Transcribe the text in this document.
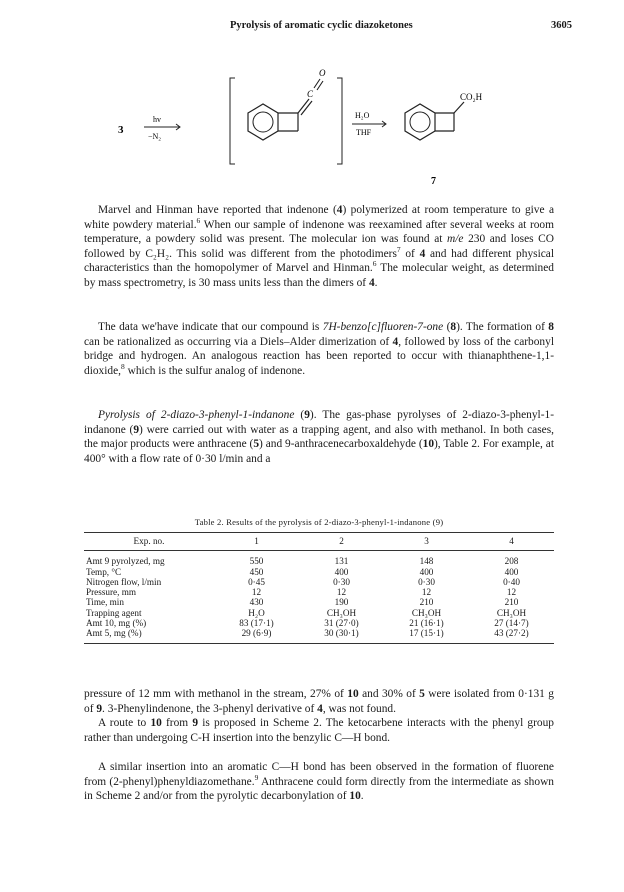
Pyrolysis of aromatic cyclic diazoketones	3605
3
hv
−N₂
C
O
H₂O
THF
CO₂H
7

Marvel and Hinman have reported that indenone (4) polymerized at room temperature to give a white powdery material.$^6$ When our sample of indenone was reexamined after several weeks at room temperature, a powdery solid was present. The molecular ion was found at m/e 230 and loses CO followed by C₂H₂. This solid was different from the photodimers$^7$ of 4 and had different physical characteristics than the homopolymer of Marvel and Hinman.$^6$ The molecular weight, as determined by mass spectrometry, is 30 mass units less than the dimers of 4.

The data we'have indicate that our compound is 7H-benzo[c]fluoren-7-one (8). The formation of 8 can be rationalized as occurring via a Diels–Alder dimerization of 4, followed by loss of the carbonyl bridge and hydrogen. An analogous reaction has been reported to occur with thianaphthene-1,1-dioxide,$^8$ which is the sulfur analog of indenone.

Pyrolysis of 2-diazo-3-phenyl-1-indanone (9). The gas-phase pyrolyses of 2-diazo-3-phenyl-1-indanone (9) were carried out with water as a trapping agent, and also with methanol. In both cases, the major products were anthracene (5) and 9-anthracenecarboxaldehyde (10), Table 2. For example, at 400° with a flow rate of 0·30 l/min and a

Table 2. Results of the pyrolysis of 2-diazo-3-phenyl-1-indanone (9)
Exp. no.	1	2	3	4
Amt 9 pyrolyzed, mg	550	131	148	208
Temp, °C	450	400	400	400
Nitrogen flow, l/min	0·45	0·30	0·30	0·40
Pressure, mm	12	12	12	12
Time, min	430	190	210	210
Trapping agent	H₂O	CH₃OH	CH₃OH	CH₃OH
Amt 10, mg (%)	83 (17·1)	31 (27·0)	21 (16·1)	27 (14·7)
Amt 5, mg (%)	29 (6·9)	30 (30·1)	17 (15·1)	43 (27·2)

pressure of 12 mm with methanol in the stream, 27% of 10 and 30% of 5 were isolated from 0·131 g of 9. 3-Phenylindenone, the 3-phenyl derivative of 4, was not found.

A route to 10 from 9 is proposed in Scheme 2. The ketocarbene interacts with the phenyl group rather than undergoing C-H insertion into the benzylic C—H bond.

A similar insertion into an aromatic C—H bond has been observed in the formation of fluorene from (2-phenyl)phenyldiazomethane.$^9$ Anthracene could form directly from the intermediate as shown in Scheme 2 and/or from the pyrolytic decarbonylation of 10.
